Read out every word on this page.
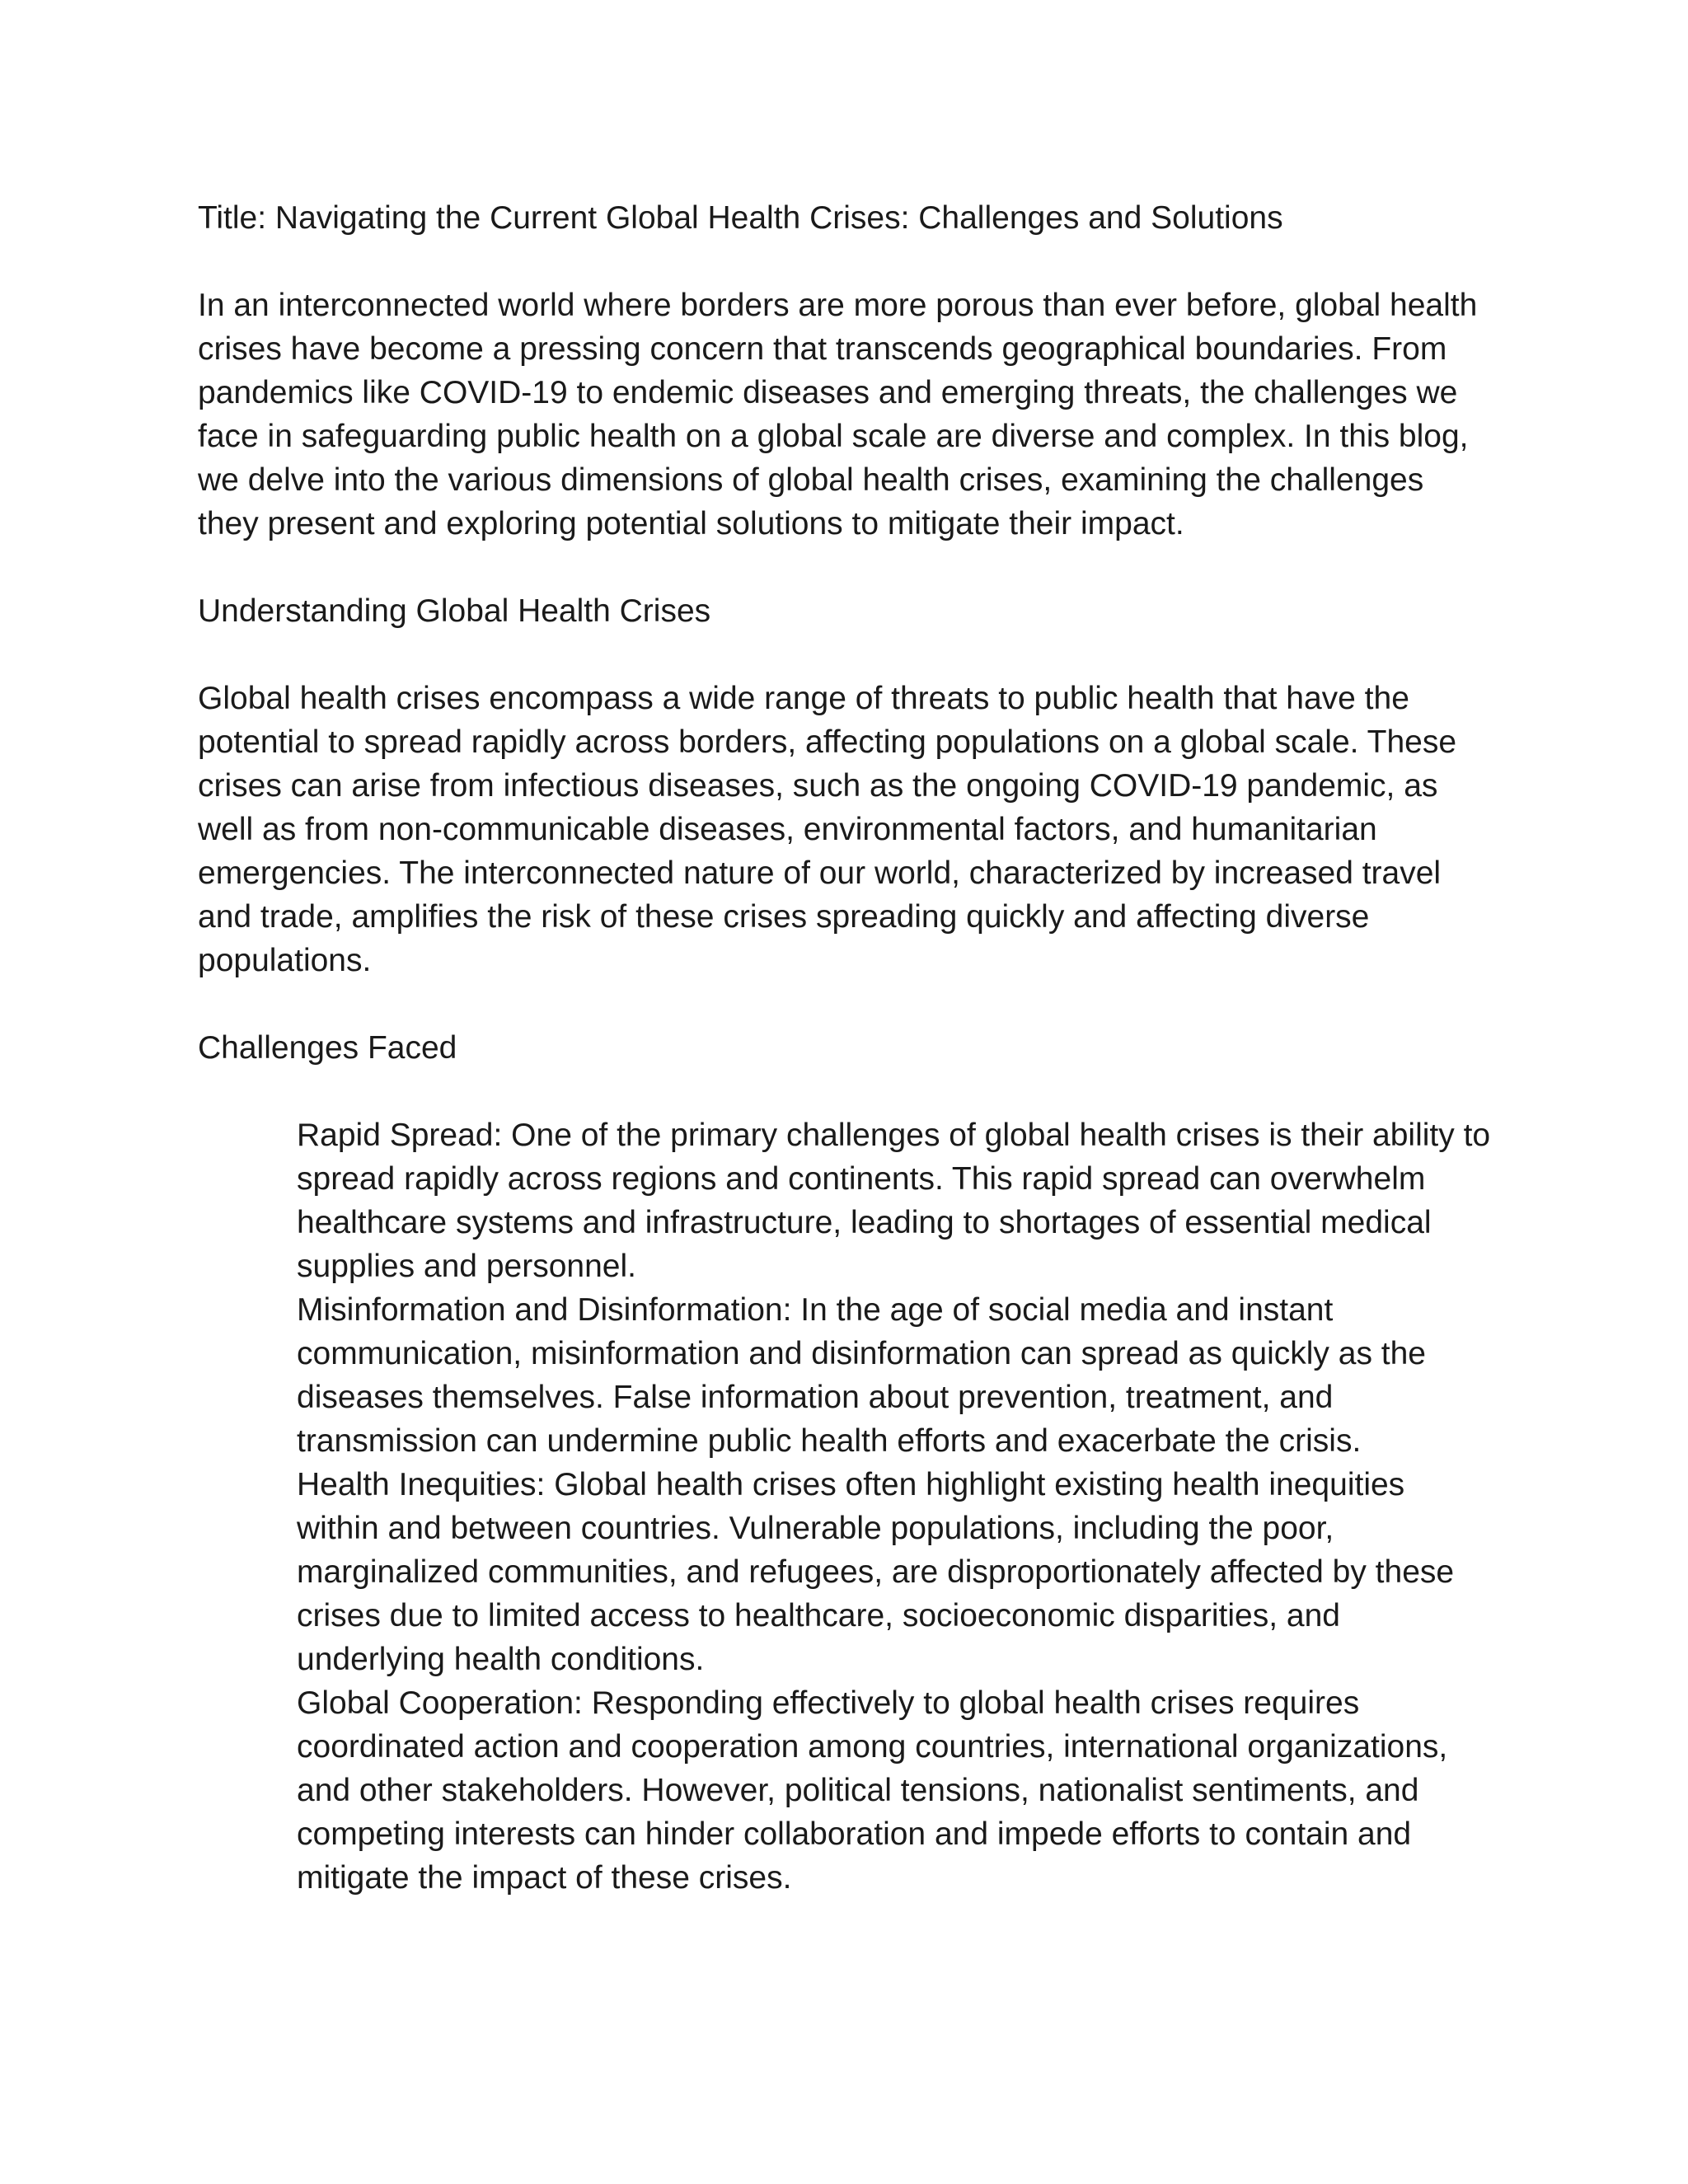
Title: Navigating the Current Global Health Crises: Challenges and Solutions

In an interconnected world where borders are more porous than ever before, global health crises have become a pressing concern that transcends geographical boundaries. From pandemics like COVID-19 to endemic diseases and emerging threats, the challenges we face in safeguarding public health on a global scale are diverse and complex. In this blog, we delve into the various dimensions of global health crises, examining the challenges they present and exploring potential solutions to mitigate their impact.

Understanding Global Health Crises

Global health crises encompass a wide range of threats to public health that have the potential to spread rapidly across borders, affecting populations on a global scale. These crises can arise from infectious diseases, such as the ongoing COVID-19 pandemic, as well as from non-communicable diseases, environmental factors, and humanitarian emergencies. The interconnected nature of our world, characterized by increased travel and trade, amplifies the risk of these crises spreading quickly and affecting diverse populations.

Challenges Faced

Rapid Spread: One of the primary challenges of global health crises is their ability to spread rapidly across regions and continents. This rapid spread can overwhelm healthcare systems and infrastructure, leading to shortages of essential medical supplies and personnel.
Misinformation and Disinformation: In the age of social media and instant communication, misinformation and disinformation can spread as quickly as the diseases themselves. False information about prevention, treatment, and transmission can undermine public health efforts and exacerbate the crisis.
Health Inequities: Global health crises often highlight existing health inequities within and between countries. Vulnerable populations, including the poor, marginalized communities, and refugees, are disproportionately affected by these crises due to limited access to healthcare, socioeconomic disparities, and underlying health conditions.
Global Cooperation: Responding effectively to global health crises requires coordinated action and cooperation among countries, international organizations, and other stakeholders. However, political tensions, nationalist sentiments, and competing interests can hinder collaboration and impede efforts to contain and mitigate the impact of these crises.
